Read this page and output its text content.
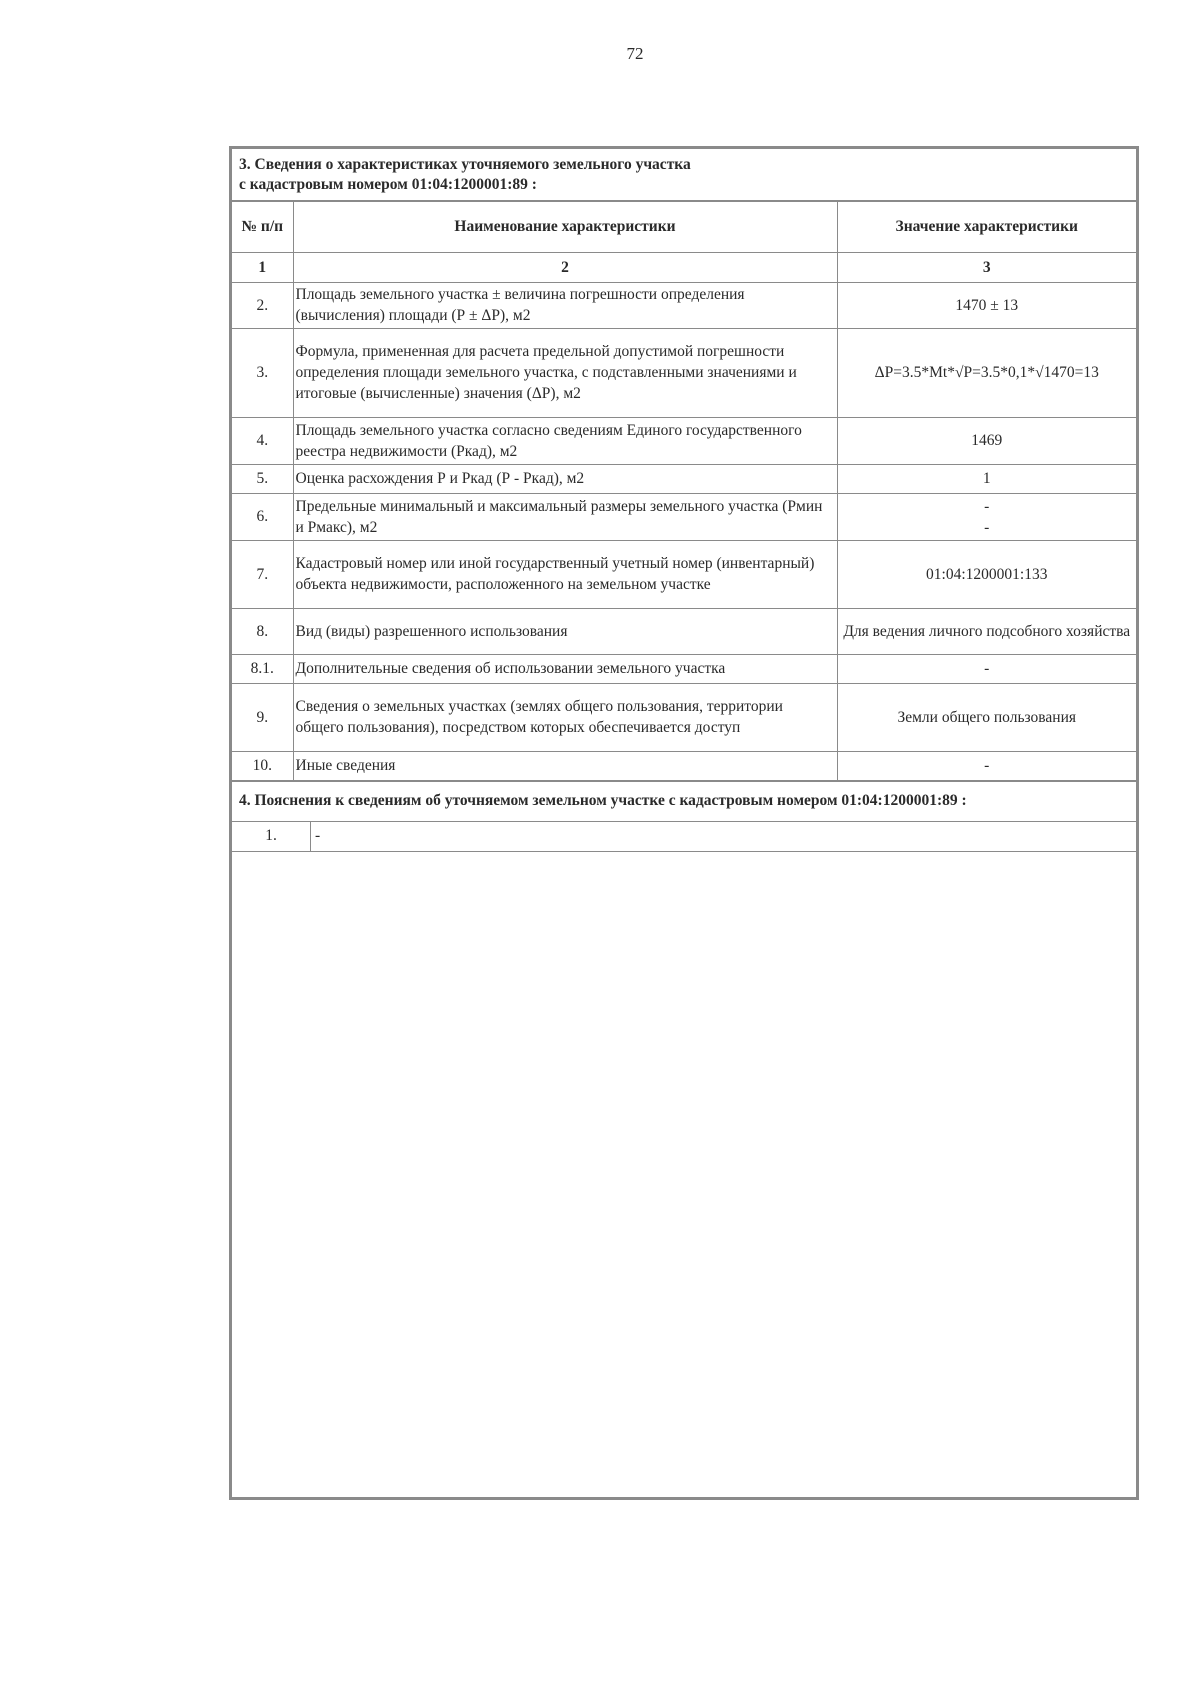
72
3. Сведения о характеристиках уточняемого земельного участка
с кадастровым номером 01:04:1200001:89 :
№ п/п	Наименование характеристики	Значение характеристики
1	2	3
2.	Площадь земельного участка ± величина погрешности определения (вычисления) площади (Р ± ΔР), м2	1470 ± 13
3.	Формула, примененная для расчета предельной допустимой погрешности определения площади земельного участка, с подставленными значениями и итоговые (вычисленные) значения (ΔР), м2	ΔР=3.5*Mt*√Р=3.5*0,1*√1470=13
4.	Площадь земельного участка согласно сведениям Единого государственного реестра недвижимости (Ркад), м2	1469
5.	Оценка расхождения Р и Ркад (Р - Ркад), м2	1
6.	Предельные минимальный и максимальный размеры земельного участка (Рмин и Рмакс), м2	-
-

7.	Кадастровый номер или иной государственный учетный номер (инвентарный) объекта недвижимости, расположенного на земельном участке	01:04:1200001:133
8.	Вид (виды) разрешенного использования	Для ведения личного подсобного хозяйства
8.1.	Дополнительные сведения об использовании земельного участка	-
9.	Сведения о земельных участках (землях общего пользования, территории общего пользования), посредством которых обеспечивается доступ	Земли общего пользования
10.	Иные сведения	-
4. Пояснения к сведениям об уточняемом земельном участке с кадастровым номером 01:04:1200001:89 :
1.	-
